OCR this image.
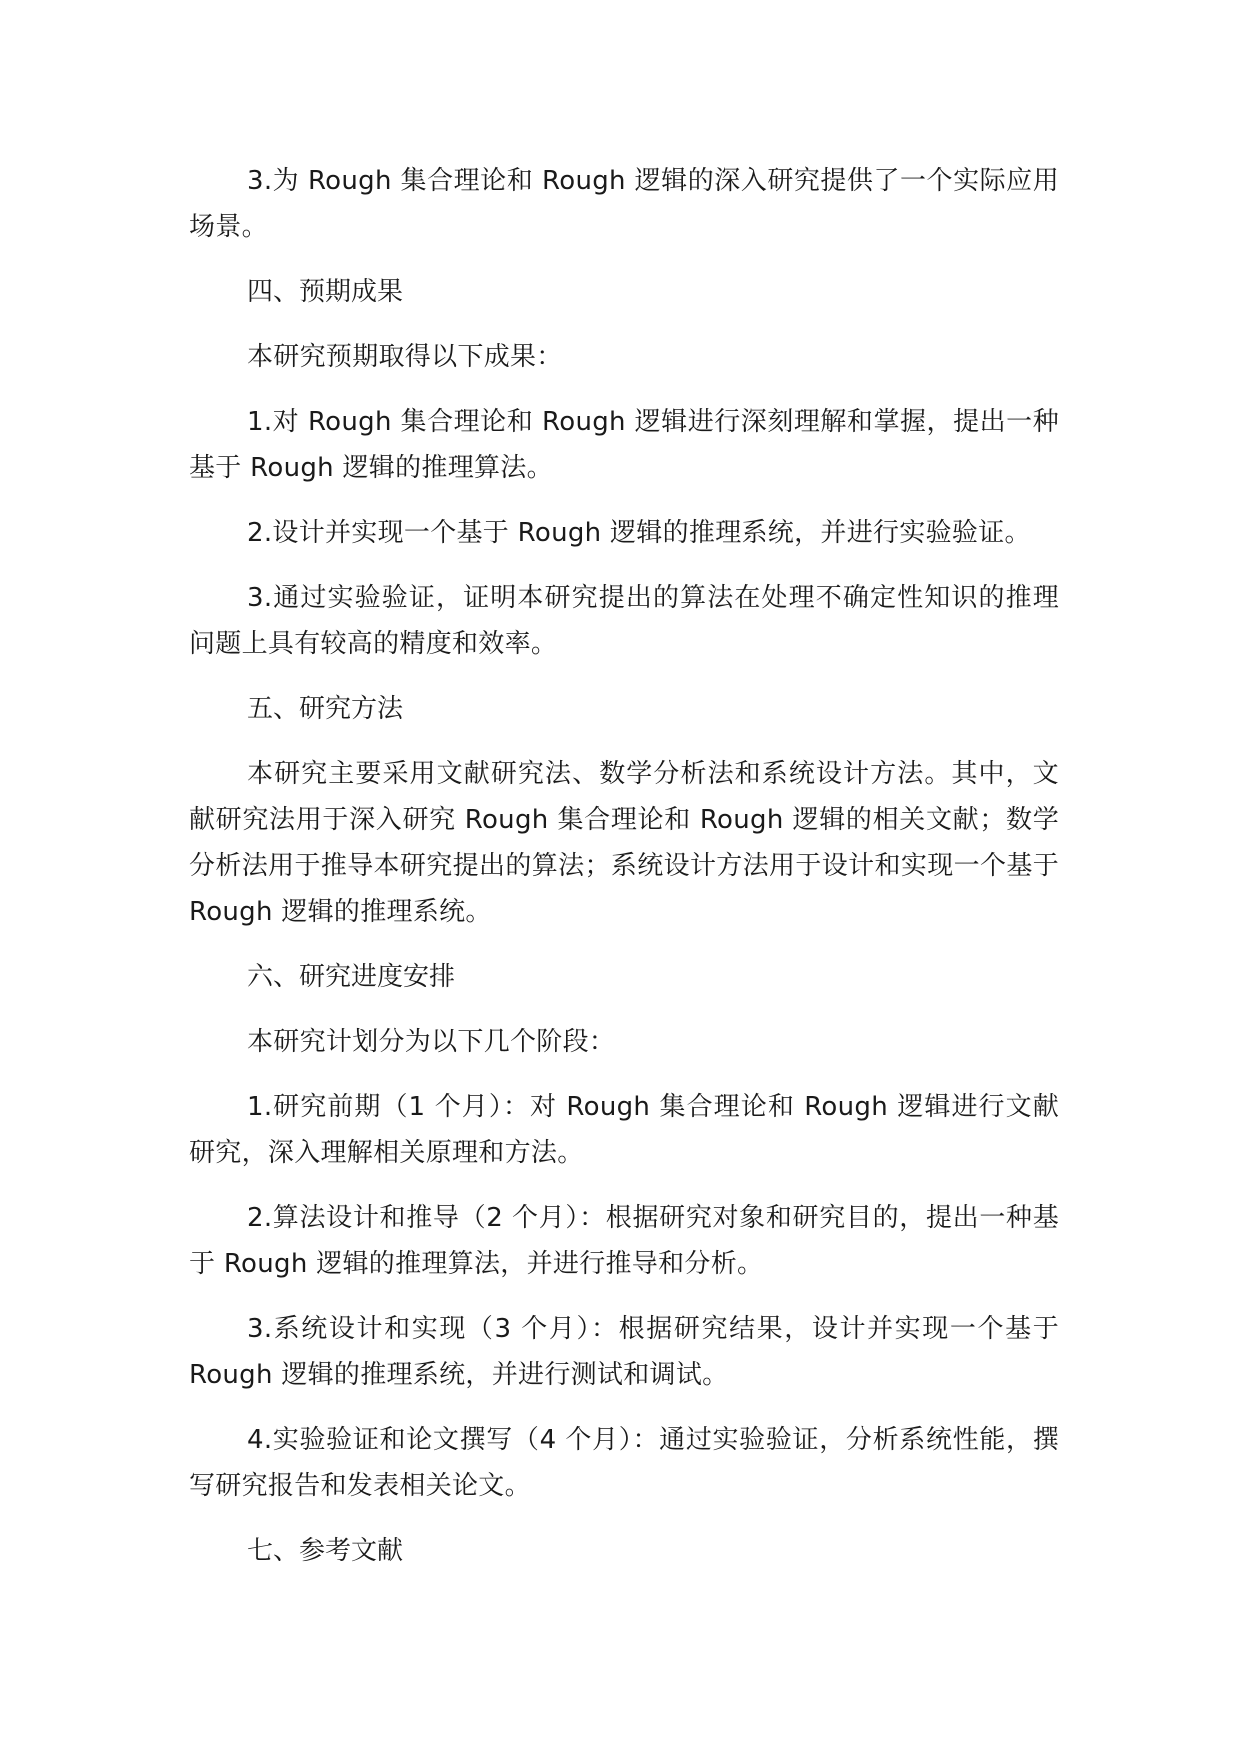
3.为 Rough 集合理论和 Rough 逻辑的深入研究提供了一个实际应用场景。

四、预期成果

本研究预期取得以下成果：

1.对 Rough 集合理论和 Rough 逻辑进行深刻理解和掌握，提出一种基于 Rough 逻辑的推理算法。

2.设计并实现一个基于 Rough 逻辑的推理系统，并进行实验验证。

3.通过实验验证，证明本研究提出的算法在处理不确定性知识的推理问题上具有较高的精度和效率。

五、研究方法

本研究主要采用文献研究法、数学分析法和系统设计方法。其中，文献研究法用于深入研究 Rough 集合理论和 Rough 逻辑的相关文献；数学分析法用于推导本研究提出的算法；系统设计方法用于设计和实现一个基于 Rough 逻辑的推理系统。

六、研究进度安排

本研究计划分为以下几个阶段：

1.研究前期（1 个月）：对 Rough 集合理论和 Rough 逻辑进行文献研究，深入理解相关原理和方法。

2.算法设计和推导（2 个月）：根据研究对象和研究目的，提出一种基于 Rough 逻辑的推理算法，并进行推导和分析。

3.系统设计和实现（3 个月）：根据研究结果，设计并实现一个基于 Rough 逻辑的推理系统，并进行测试和调试。

4.实验验证和论文撰写（4 个月）：通过实验验证，分析系统性能，撰写研究报告和发表相关论文。

七、参考文献
